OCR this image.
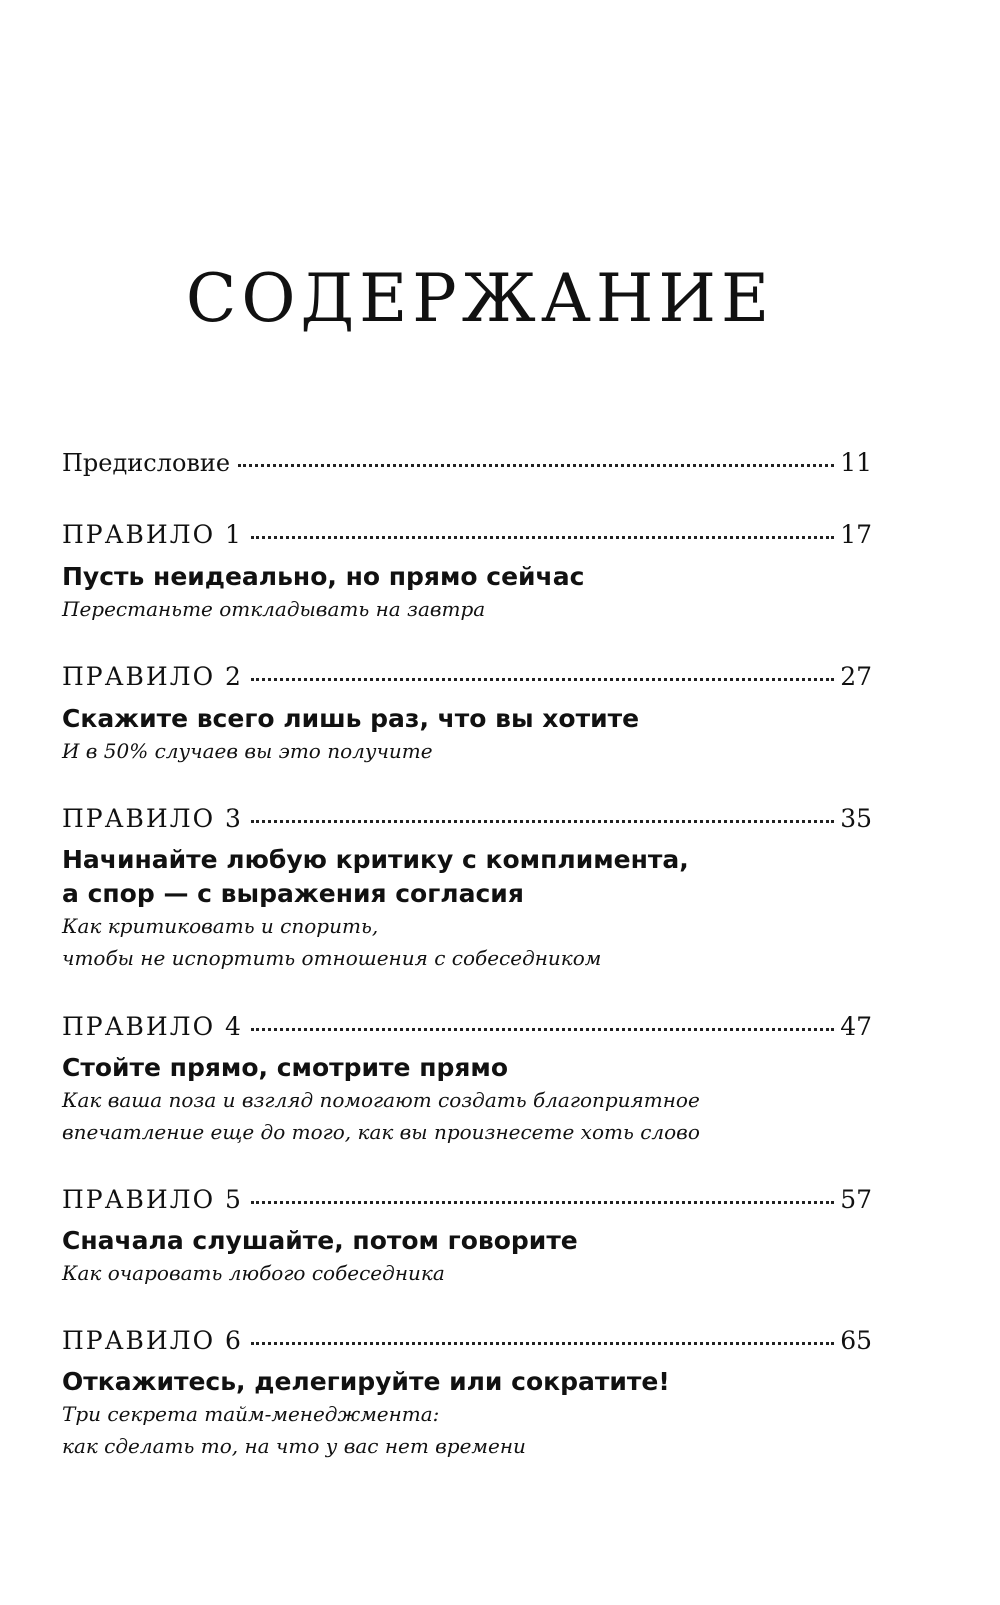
СОДЕРЖАНИЕ
Предисловие	11
ПРАВИЛО 1	17
Пусть неидеально, но прямо сейчас
Перестаньте откладывать на завтра
ПРАВИЛО 2	27
Скажите всего лишь раз, что вы хотите
И в 50% случаев вы это получите
ПРАВИЛО 3	35
Начинайте любую критику с комплимента,
а спор — с выражения согласия
Как критиковать и спорить,
чтобы не испортить отношения с собеседником
ПРАВИЛО 4	47
Стойте прямо, смотрите прямо
Как ваша поза и взгляд помогают создать благоприятное
впечатление еще до того, как вы произнесете хоть слово
ПРАВИЛО 5	57
Сначала слушайте, потом говорите
Как очаровать любого собеседника
ПРАВИЛО 6	65
Откажитесь, делегируйте или сократите!
Три секрета тайм-менеджмента:
как сделать то, на что у вас нет времени
